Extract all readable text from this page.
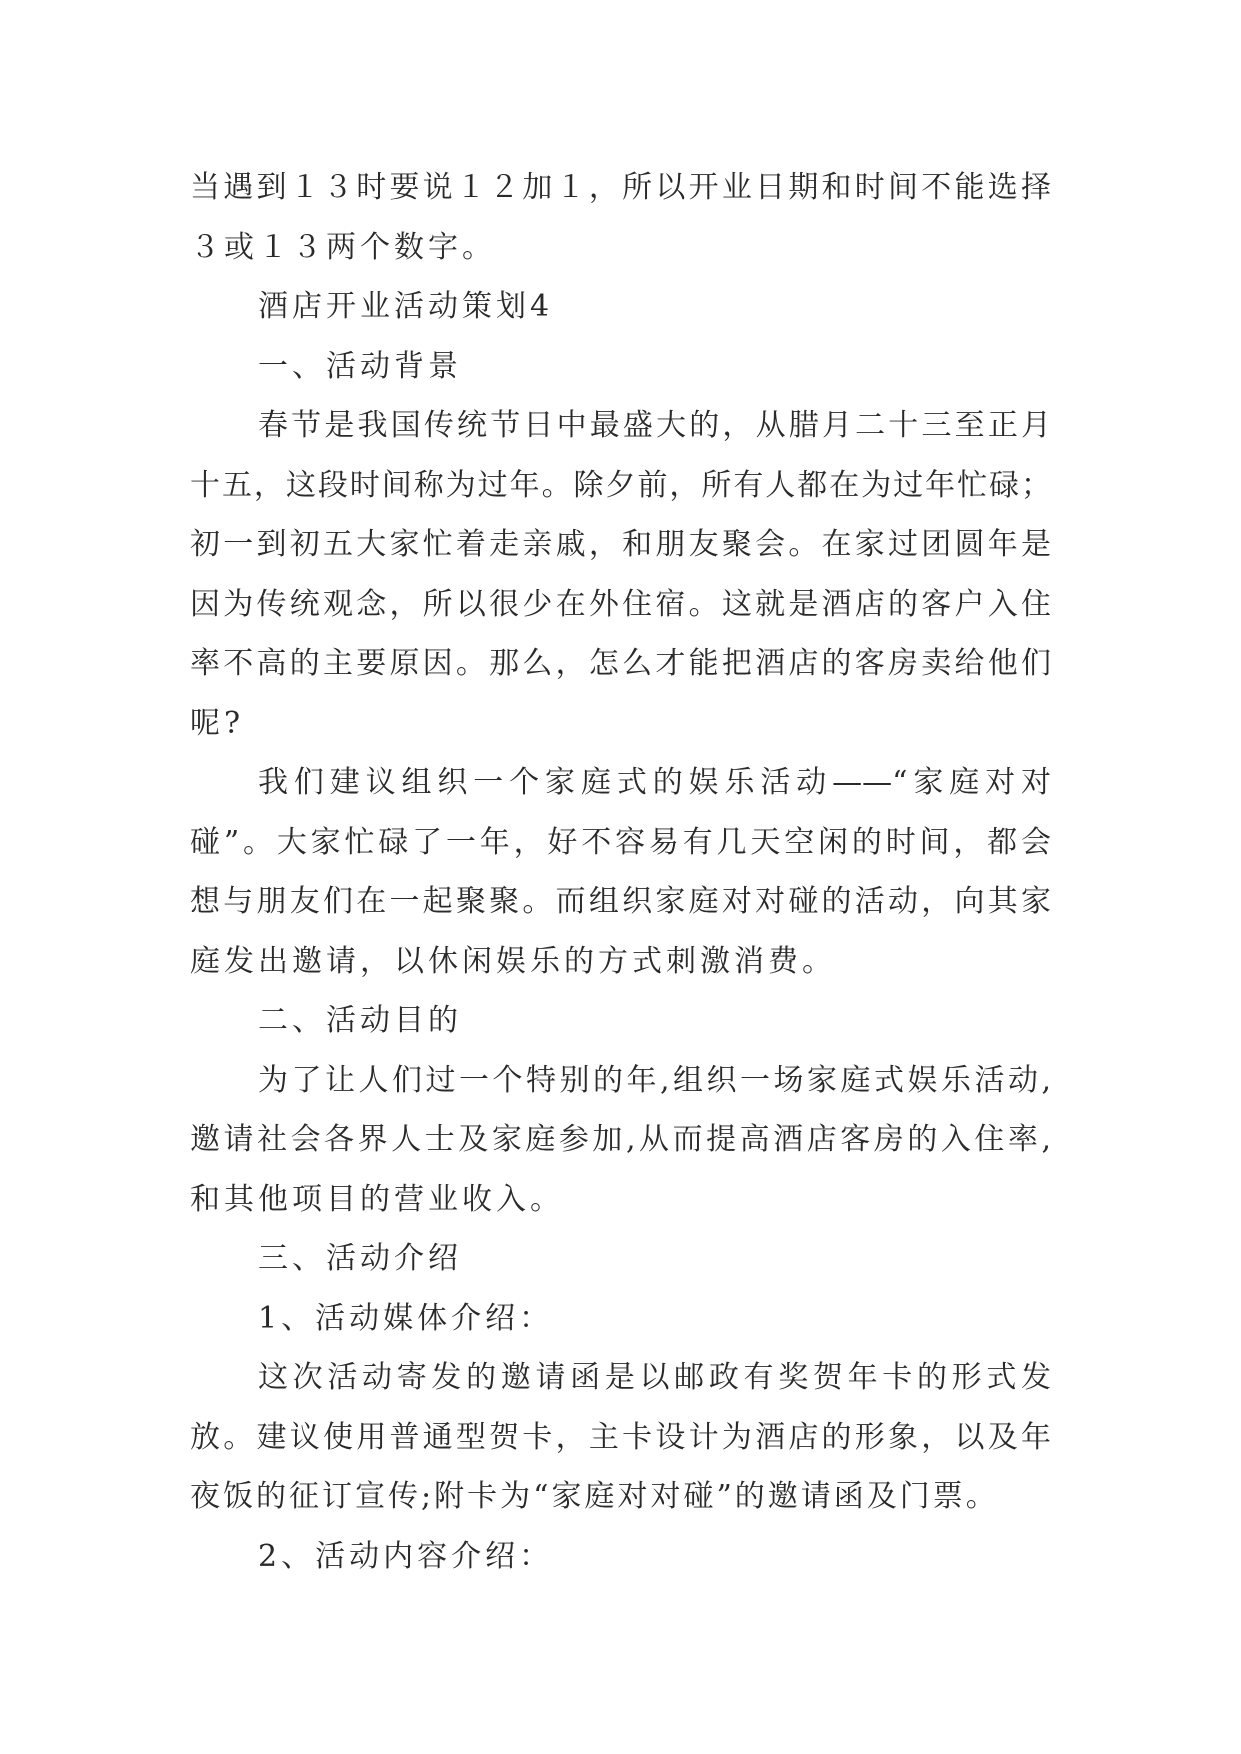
当遇到１３时要说１２加１，所以开业日期和时间不能选择
３或１３两个数字。
酒店开业活动策划4
一、活动背景
春节是我国传统节日中最盛大的，从腊月二十三至正月
十五，这段时间称为过年。除夕前，所有人都在为过年忙碌；
初一到初五大家忙着走亲戚，和朋友聚会。在家过团圆年是
因为传统观念，所以很少在外住宿。这就是酒店的客户入住
率不高的主要原因。那么，怎么才能把酒店的客房卖给他们
呢?
我们建议组织一个家庭式的娱乐活动——“家庭对对
碰”。大家忙碌了一年，好不容易有几天空闲的时间，都会
想与朋友们在一起聚聚。而组织家庭对对碰的活动，向其家
庭发出邀请，以休闲娱乐的方式刺激消费。
二、活动目的
为了让人们过一个特别的年,组织一场家庭式娱乐活动,
邀请社会各界人士及家庭参加,从而提高酒店客房的入住率,
和其他项目的营业收入。
三、活动介绍
1、活动媒体介绍：
这次活动寄发的邀请函是以邮政有奖贺年卡的形式发
放。建议使用普通型贺卡，主卡设计为酒店的形象，以及年
夜饭的征订宣传;附卡为“家庭对对碰”的邀请函及门票。
2、活动内容介绍：
